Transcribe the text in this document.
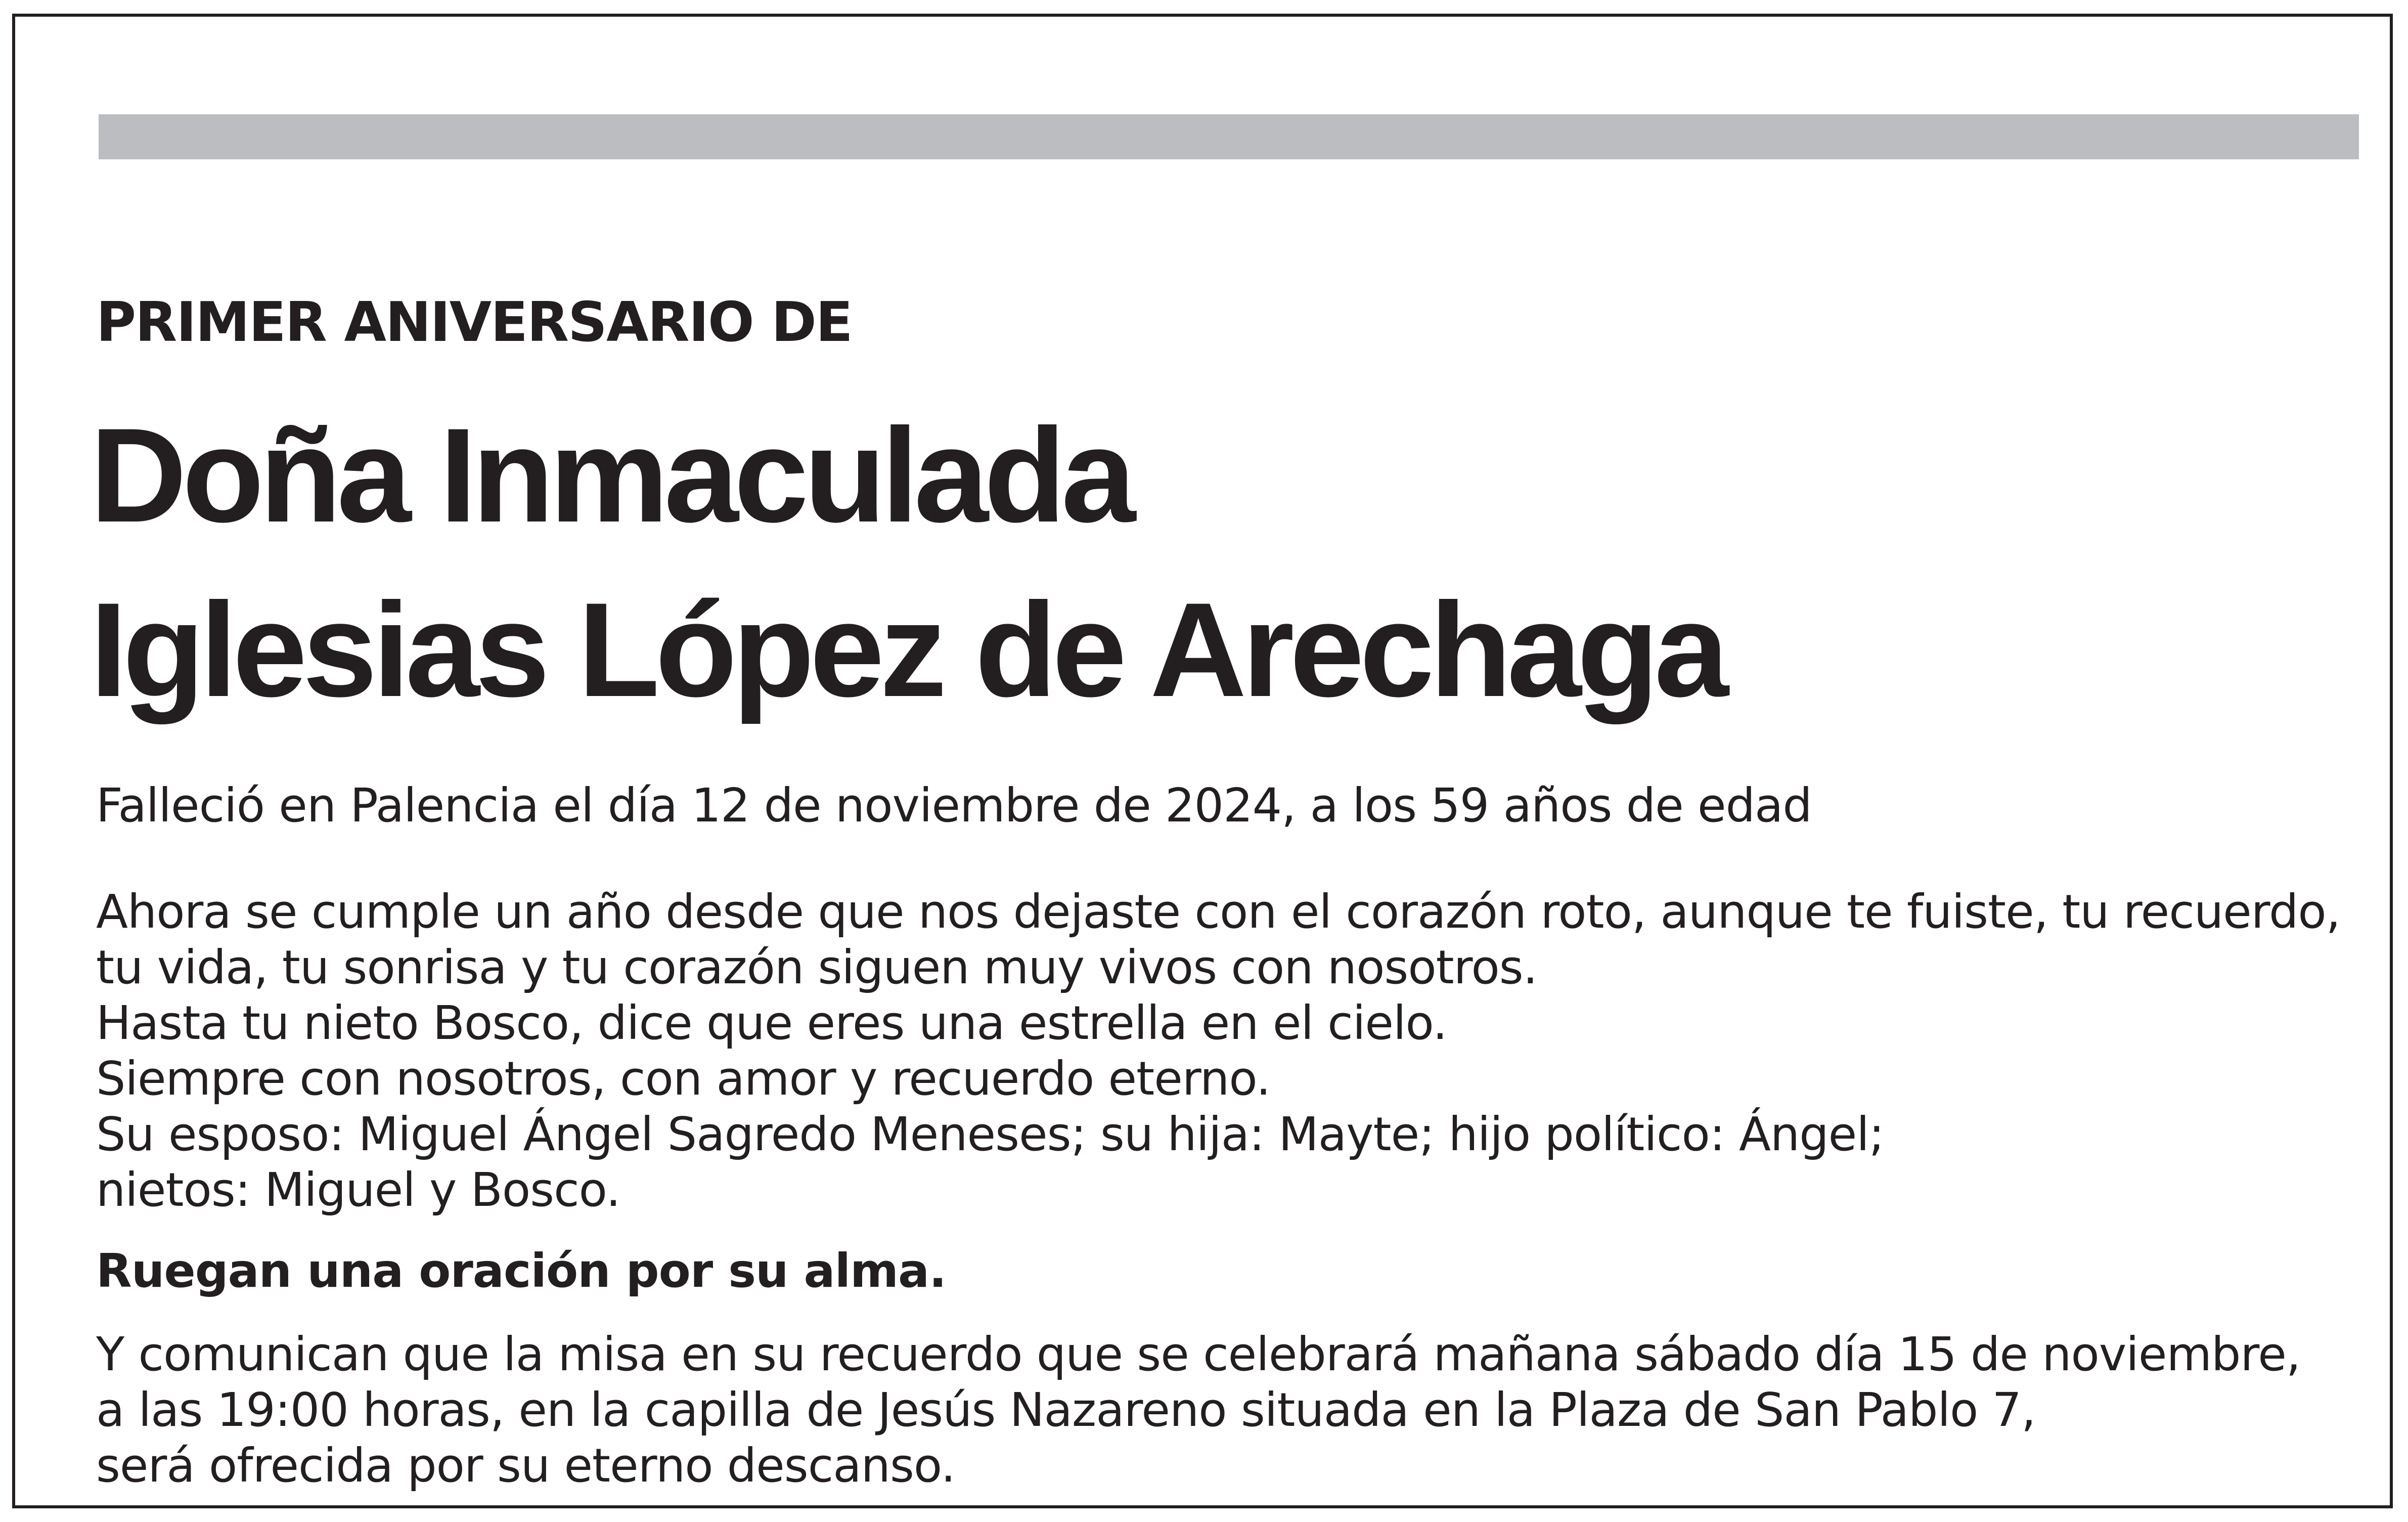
PRIMER ANIVERSARIO DE
Doña Inmaculada
Iglesias López de Arechaga

Falleció en Palencia el día 12 de noviembre de 2024, a los 59 años de edad

Ahora se cumple un año desde que nos dejaste con el corazón roto, aunque te fuiste, tu recuerdo,
tu vida, tu sonrisa y tu corazón siguen muy vivos con nosotros.
Hasta tu nieto Bosco, dice que eres una estrella en el cielo.
Siempre con nosotros, con amor y recuerdo eterno.
Su esposo: Miguel Ángel Sagredo Meneses; su hija: Mayte; hijo político: Ángel;
nietos: Miguel y Bosco.

Ruegan una oración por su alma.

Y comunican que la misa en su recuerdo que se celebrará mañana sábado día 15 de noviembre,
a las 19:00 horas, en la capilla de Jesús Nazareno situada en la Plaza de San Pablo 7,
será ofrecida por su eterno descanso.
